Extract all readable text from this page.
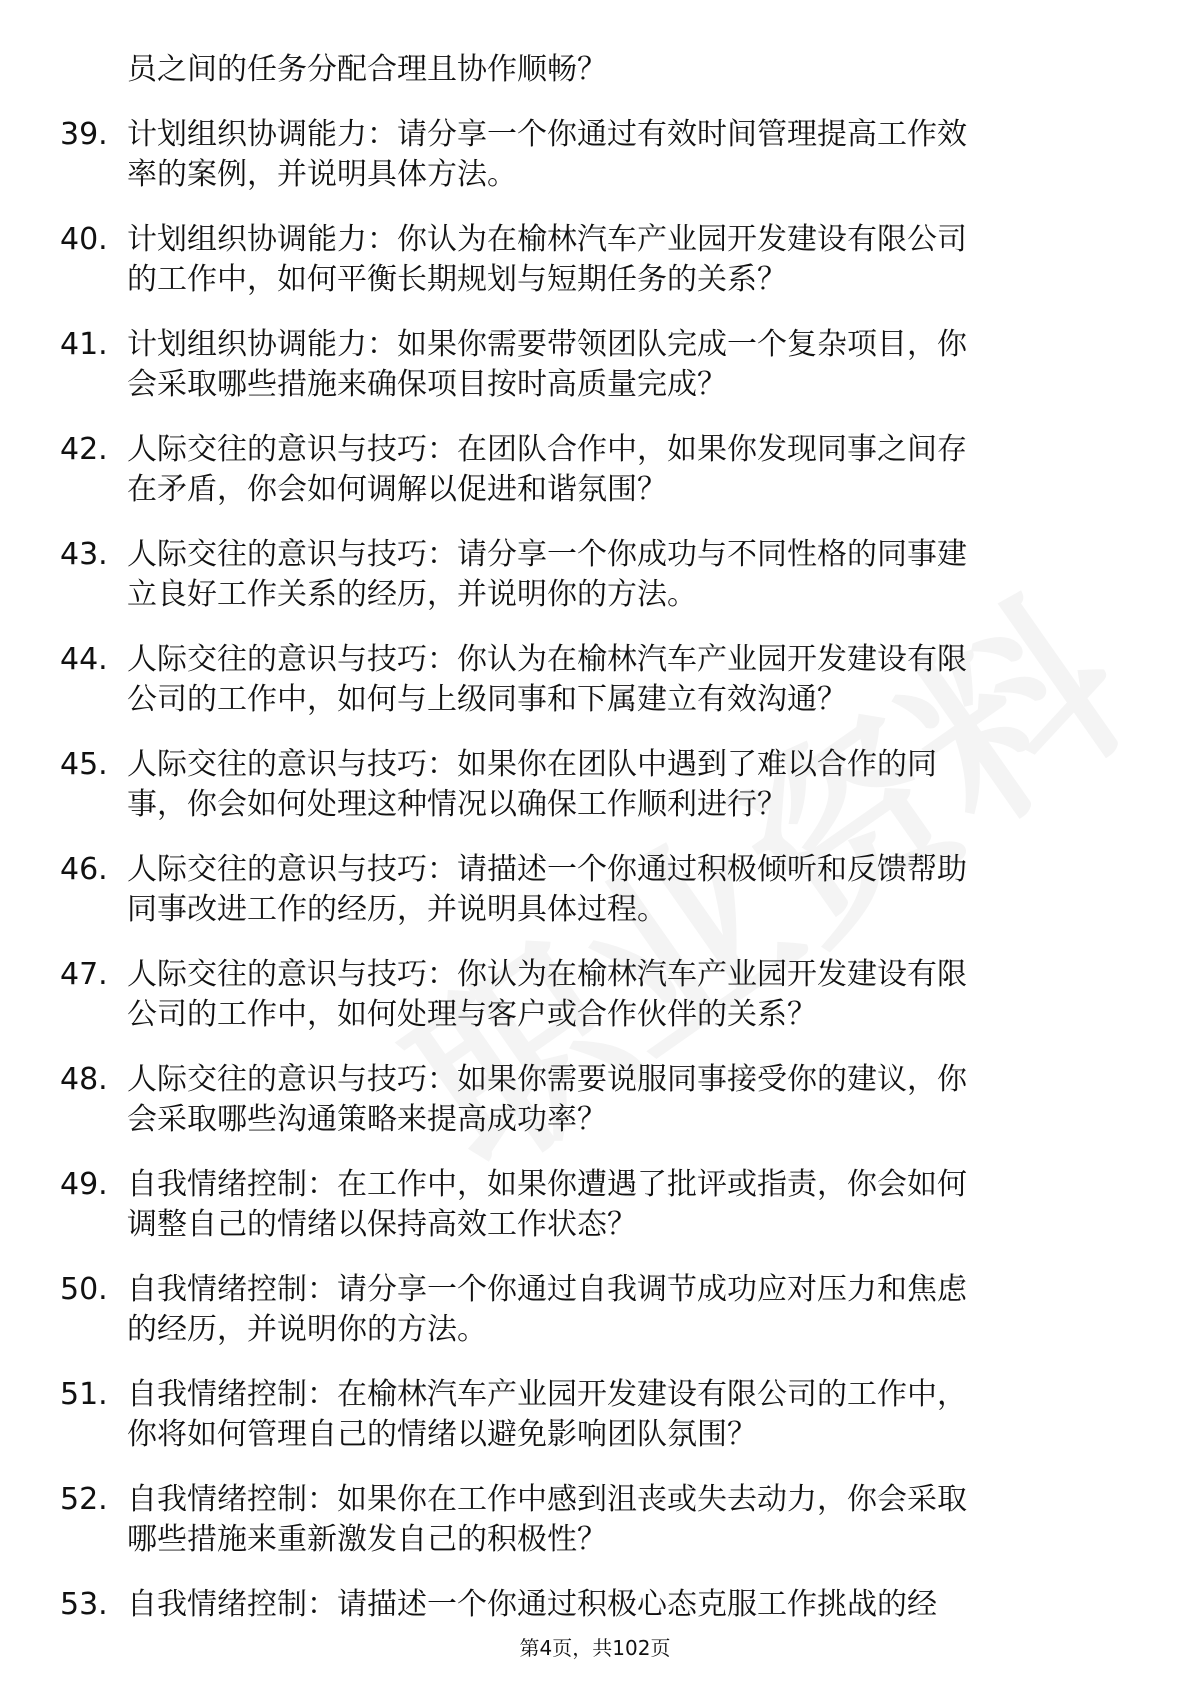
员之间的任务分配合理且协作顺畅？
39. 计划组织协调能力：请分享一个你通过有效时间管理提高工作效
率的案例，并说明具体方法。
40. 计划组织协调能力：你认为在榆林汽车产业园开发建设有限公司
的工作中，如何平衡长期规划与短期任务的关系？
41. 计划组织协调能力：如果你需要带领团队完成一个复杂项目，你
会采取哪些措施来确保项目按时高质量完成？
42. 人际交往的意识与技巧：在团队合作中，如果你发现同事之间存
在矛盾，你会如何调解以促进和谐氛围？
43. 人际交往的意识与技巧：请分享一个你成功与不同性格的同事建
立良好工作关系的经历，并说明你的方法。
44. 人际交往的意识与技巧：你认为在榆林汽车产业园开发建设有限
公司的工作中，如何与上级同事和下属建立有效沟通？
45. 人际交往的意识与技巧：如果你在团队中遇到了难以合作的同
事，你会如何处理这种情况以确保工作顺利进行？
46. 人际交往的意识与技巧：请描述一个你通过积极倾听和反馈帮助
同事改进工作的经历，并说明具体过程。
47. 人际交往的意识与技巧：你认为在榆林汽车产业园开发建设有限
公司的工作中，如何处理与客户或合作伙伴的关系？
48. 人际交往的意识与技巧：如果你需要说服同事接受你的建议，你
会采取哪些沟通策略来提高成功率？
49. 自我情绪控制：在工作中，如果你遭遇了批评或指责，你会如何
调整自己的情绪以保持高效工作状态？
50. 自我情绪控制：请分享一个你通过自我调节成功应对压力和焦虑
的经历，并说明你的方法。
51. 自我情绪控制：在榆林汽车产业园开发建设有限公司的工作中，
你将如何管理自己的情绪以避免影响团队氛围？
52. 自我情绪控制：如果你在工作中感到沮丧或失去动力，你会采取
哪些措施来重新激发自己的积极性？
53. 自我情绪控制：请描述一个你通过积极心态克服工作挑战的经
第4页，共102页
